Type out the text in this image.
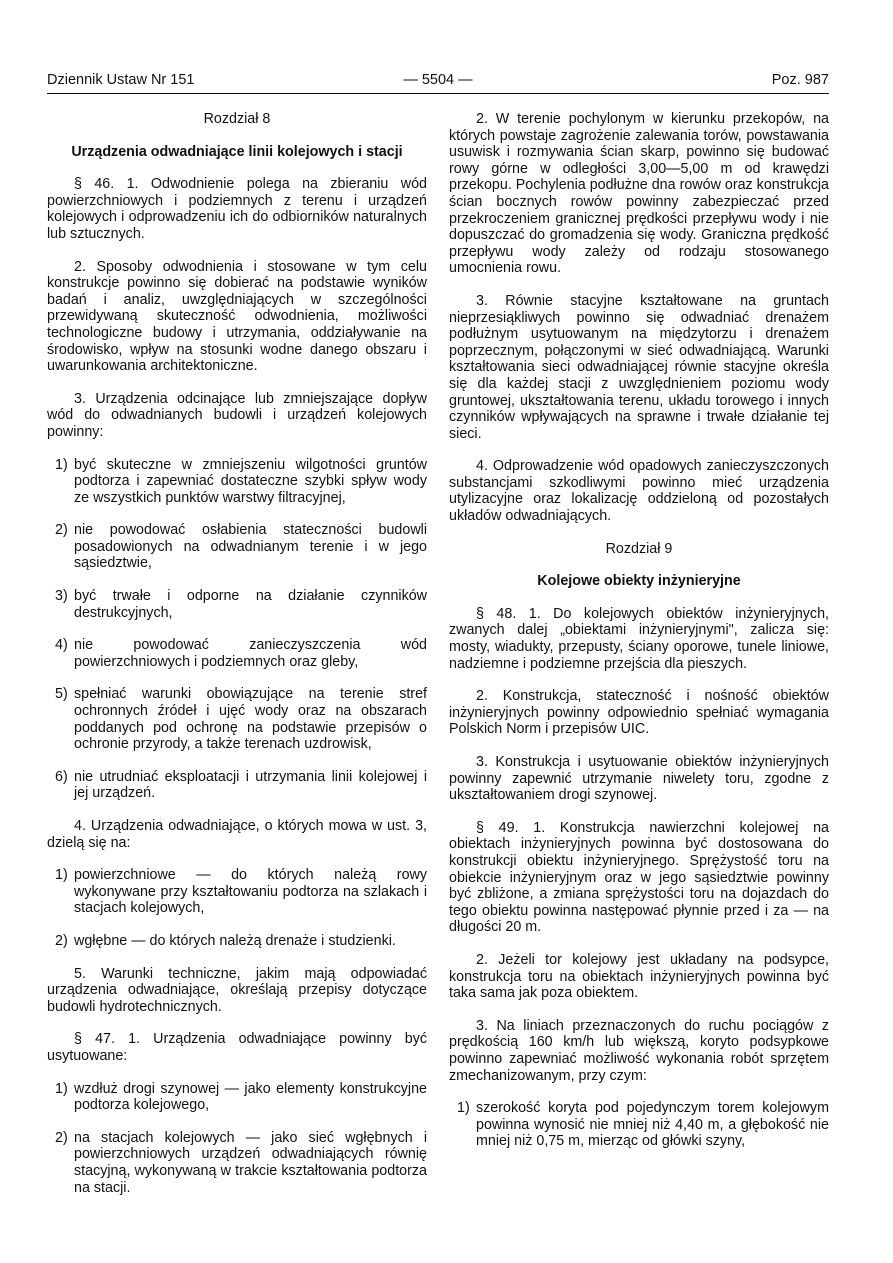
Dziennik Ustaw Nr 151	— 5504 —	Poz. 987
Rozdział 8
Urządzenia odwadniające linii kolejowych i stacji

§ 46. 1. Odwodnienie polega na zbieraniu wód powierzchniowych i podziemnych z terenu i urządzeń kolejowych i odprowadzeniu ich do odbiorników naturalnych lub sztucznych.

2. Sposoby odwodnienia i stosowane w tym celu konstrukcje powinno się dobierać na podstawie wyników badań i analiz, uwzględniających w szczególności przewidywaną skuteczność odwodnienia, możliwości technologiczne budowy i utrzymania, oddziaływanie na środowisko, wpływ na stosunki wodne danego obszaru i uwarunkowania architektoniczne.

3. Urządzenia odcinające lub zmniejszające dopływ wód do odwadnianych budowli i urządzeń kolejowych powinny:

1) być skuteczne w zmniejszeniu wilgotności gruntów podtorza i zapewniać dostateczne szybki spływ wody ze wszystkich punktów warstwy filtracyjnej,
2) nie powodować osłabienia stateczności budowli posadowionych na odwadnianym terenie i w jego sąsiedztwie,
3) być trwałe i odporne na działanie czynników destrukcyjnych,
4) nie powodować zanieczyszczenia wód powierzchniowych i podziemnych oraz gleby,
5) spełniać warunki obowiązujące na terenie stref ochronnych źródeł i ujęć wody oraz na obszarach poddanych pod ochronę na podstawie przepisów o ochronie przyrody, a także terenach uzdrowisk,
6) nie utrudniać eksploatacji i utrzymania linii kolejowej i jej urządzeń.

4. Urządzenia odwadniające, o których mowa w ust. 3, dzielą się na:

1) powierzchniowe — do których należą rowy wykonywane przy kształtowaniu podtorza na szlakach i stacjach kolejowych,
2) wgłębne — do których należą drenaże i studzienki.

5. Warunki techniczne, jakim mają odpowiadać urządzenia odwadniające, określają przepisy dotyczące budowli hydrotechnicznych.

§ 47. 1. Urządzenia odwadniające powinny być usytuowane:

1) wzdłuż drogi szynowej — jako elementy konstrukcyjne podtorza kolejowego,
2) na stacjach kolejowych — jako sieć wgłębnych i powierzchniowych urządzeń odwadniających równię stacyjną, wykonywaną w trakcie kształtowania podtorza na stacji.

2. W terenie pochylonym w kierunku przekopów, na których powstaje zagrożenie zalewania torów, powstawania usuwisk i rozmywania ścian skarp, powinno się budować rowy górne w odległości 3,00—5,00 m od krawędzi przekopu. Pochylenia podłużne dna rowów oraz konstrukcja ścian bocznych rowów powinny zabezpieczać przed przekroczeniem granicznej prędkości przepływu wody i nie dopuszczać do gromadzenia się wody. Graniczna prędkość przepływu wody zależy od rodzaju stosowanego umocnienia rowu.

3. Równie stacyjne kształtowane na gruntach nieprzesiąkliwych powinno się odwadniać drenażem podłużnym usytuowanym na międzytorzu i drenażem poprzecznym, połączonymi w sieć odwadniającą. Warunki kształtowania sieci odwadniającej równie stacyjne określa się dla każdej stacji z uwzględnieniem poziomu wody gruntowej, ukształtowania terenu, układu torowego i innych czynników wpływających na sprawne i trwałe działanie tej sieci.

4. Odprowadzenie wód opadowych zanieczyszczonych substancjami szkodliwymi powinno mieć urządzenia utylizacyjne oraz lokalizację oddzieloną od pozostałych układów odwadniających.

Rozdział 9
Kolejowe obiekty inżynieryjne

§ 48. 1. Do kolejowych obiektów inżynieryjnych, zwanych dalej „obiektami inżynieryjnymi", zalicza się: mosty, wiadukty, przepusty, ściany oporowe, tunele liniowe, nadziemne i podziemne przejścia dla pieszych.

2. Konstrukcja, stateczność i nośność obiektów inżynieryjnych powinny odpowiednio spełniać wymagania Polskich Norm i przepisów UIC.

3. Konstrukcja i usytuowanie obiektów inżynieryjnych powinny zapewnić utrzymanie niwelety toru, zgodne z ukształtowaniem drogi szynowej.

§ 49. 1. Konstrukcja nawierzchni kolejowej na obiektach inżynieryjnych powinna być dostosowana do konstrukcji obiektu inżynieryjnego. Sprężystość toru na obiekcie inżynieryjnym oraz w jego sąsiedztwie powinny być zbliżone, a zmiana sprężystości toru na dojazdach do tego obiektu powinna następować płynnie przed i za — na długości 20 m.

2. Jeżeli tor kolejowy jest układany na podsypce, konstrukcja toru na obiektach inżynieryjnych powinna być taka sama jak poza obiektem.

3. Na liniach przeznaczonych do ruchu pociągów z prędkością 160 km/h lub większą, koryto podsypkowe powinno zapewniać możliwość wykonania robót sprzętem zmechanizowanym, przy czym:

1) szerokość koryta pod pojedynczym torem kolejowym powinna wynosić nie mniej niż 4,40 m, a głębokość nie mniej niż 0,75 m, mierząc od główki szyny,
